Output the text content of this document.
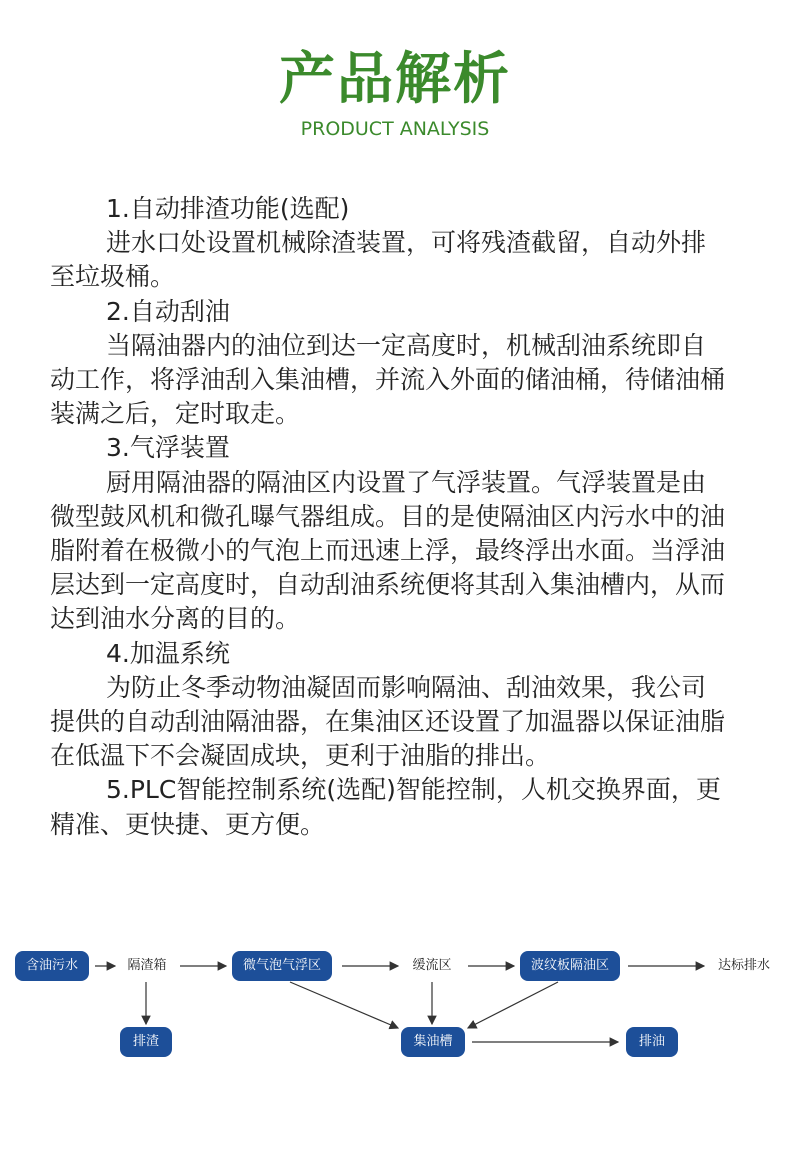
产品解析
PRODUCT ANALYSIS

1.自动排渣功能(选配)

进水口处设置机械除渣装置，可将残渣截留，自动外排至垃圾桶。

2.自动刮油

当隔油器内的油位到达一定高度时，机械刮油系统即自动工作，将浮油刮入集油槽，并流入外面的储油桶，待储油桶装满之后，定时取走。

3.气浮装置

厨用隔油器的隔油区内设置了气浮装置。气浮装置是由微型鼓风机和微孔曝气器组成。目的是使隔油区内污水中的油脂附着在极微小的气泡上而迅速上浮，最终浮出水面。当浮油层达到一定高度时，自动刮油系统便将其刮入集油槽内，从而达到油水分离的目的。

4.加温系统

为防止冬季动物油凝固而影响隔油、刮油效果，我公司提供的自动刮油隔油器，在集油区还设置了加温器以保证油脂在低温下不会凝固成块，更利于油脂的排出。

5.PLC智能控制系统(选配)智能控制，人机交换界面，更精准、更快捷、更方便。

含油污水	隔渣箱	微气泡气浮区	缓流区	波纹板隔油区	达标排水
排渣	集油槽	排油
